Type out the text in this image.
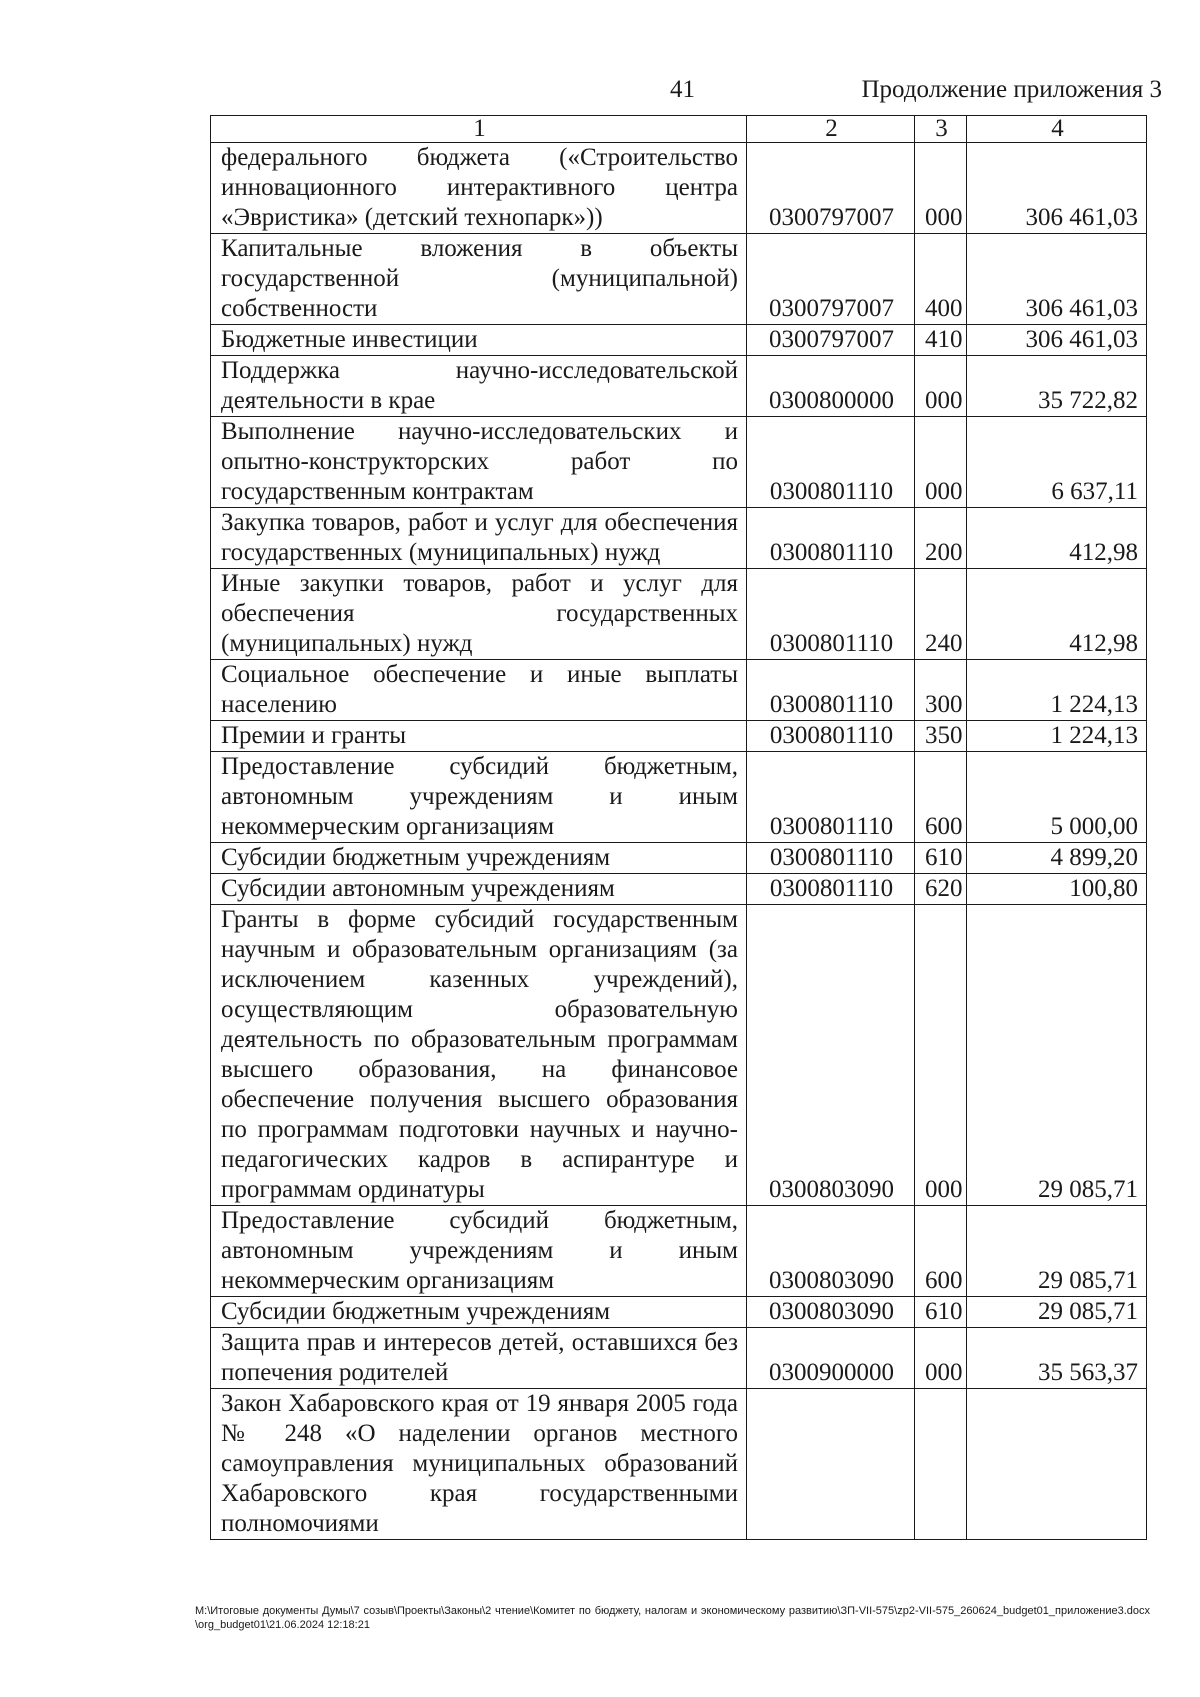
41	Продолжение приложения 3
1	2	3	4
федерального бюджета («Строительство инновационного интерактивного центра «Эвристика» (детский технопарк»))	0300797007	000	306 461,03
Капитальные вложения в объекты государственной (муниципальной) собственности	0300797007	400	306 461,03
Бюджетные инвестиции	0300797007	410	306 461,03
Поддержка научно-исследовательской деятельности в крае	0300800000	000	35 722,82
Выполнение научно-исследовательских и опытно-конструкторских работ по государственным контрактам	0300801110	000	6 637,11
Закупка товаров, работ и услуг для обеспечения государственных (муниципальных) нужд	0300801110	200	412,98
Иные закупки товаров, работ и услуг для обеспечения государственных (муниципальных) нужд	0300801110	240	412,98
Социальное обеспечение и иные выплаты населению	0300801110	300	1 224,13
Премии и гранты	0300801110	350	1 224,13
Предоставление субсидий бюджетным, автономным учреждениям и иным некоммерческим организациям	0300801110	600	5 000,00
Субсидии бюджетным учреждениям	0300801110	610	4 899,20
Субсидии автономным учреждениям	0300801110	620	100,80
Гранты в форме субсидий государственным научным и образовательным организациям (за исключением казенных учреждений), осуществляющим образовательную деятельность по образовательным программам высшего образования, на финансовое обеспечение получения высшего образования по программам подготовки научных и научно-педагогических кадров в аспирантуре и программам ординатуры	0300803090	000	29 085,71
Предоставление субсидий бюджетным, автономным учреждениям и иным некоммерческим организациям	0300803090	600	29 085,71
Субсидии бюджетным учреждениям	0300803090	610	29 085,71
Защита прав и интересов детей, оставшихся без попечения родителей	0300900000	000	35 563,37
Закон Хабаровского края от 19 января 2005 года № 248 «О наделении органов местного самоуправления муниципальных образований Хабаровского края государственными полномочиями			
M:\Итоговые документы Думы\7 созыв\Проекты\Законы\2 чтение\Комитет по бюджету, налогам и экономическому развитию\ЗП-VII-575\zp2-VII-575_260624_budget01_приложение3.docx\org_budget01\21.06.2024 12:18:21
